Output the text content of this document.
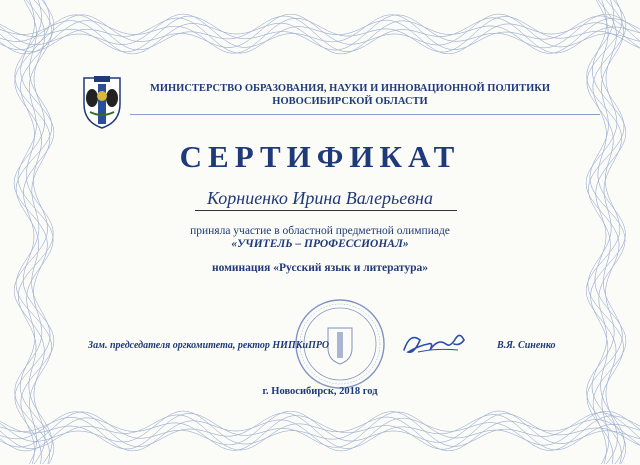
МИНИСТЕРСТВО ОБРАЗОВАНИЯ, НАУКИ И ИННОВАЦИОННОЙ ПОЛИТИКИ
НОВОСИБИРСКОЙ ОБЛАСТИ
СЕРТИФИКАТ
Корниенко Ирина Валерьевна
приняла участие в областной предметной олимпиаде
«УЧИТЕЛЬ – ПРОФЕССИОНАЛ»
номинация «Русский язык и литература»
Зам. председателя оргкомитета, ректор НИПКиПРО	В.Я. Синенко
г. Новосибирск, 2018 год
